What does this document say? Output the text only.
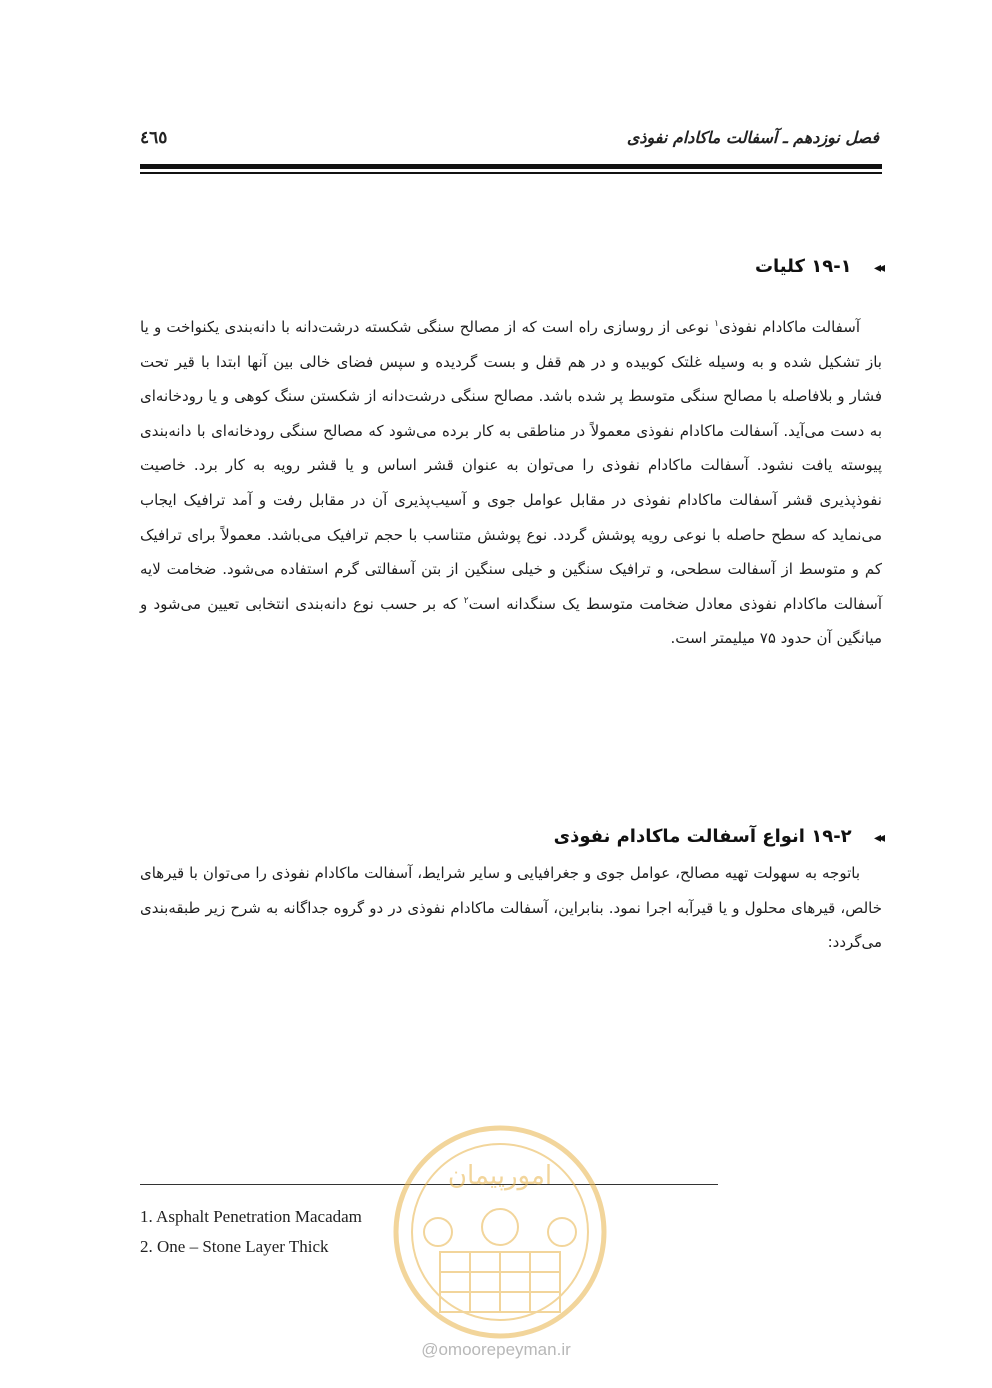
فصل نوزدهم ـ آسفالت ماکادام نفوذی
٤٦٥
◂◂ ۱۹-۱ کلیات

آسفالت ماکادام نفوذی$^۱$ نوعی از روسازی راه است که از مصالح سنگی شکسته درشت‌دانه با دانه‌بندی یکنواخت و یا باز تشکیل شده و به وسیله غلتک کوبیده و در هم قفل و بست گردیده و سپس فضای خالی بین آنها ابتدا با قیر تحت فشار و بلافاصله با مصالح سنگی متوسط پر شده باشد. مصالح سنگی درشت‌دانه از شکستن سنگ کوهی و یا رودخانه‌ای به دست می‌آید. آسفالت ماکادام نفوذی معمولاً در مناطقی به کار برده می‌شود که مصالح سنگی رودخانه‌ای با دانه‌بندی پیوسته یافت نشود. آسفالت ماکادام نفوذی را می‌توان به عنوان قشر اساس و یا قشر رویه به کار برد. خاصیت نفوذپذیری قشر آسفالت ماکادام نفوذی در مقابل عوامل جوی و آسیب‌پذیری آن در مقابل رفت و آمد ترافیک ایجاب می‌نماید که سطح حاصله با نوعی رویه پوشش گردد. نوع پوشش متناسب با حجم ترافیک می‌باشد. معمولاً برای ترافیک کم و متوسط از آسفالت سطحی، و ترافیک سنگین و خیلی سنگین از بتن آسفالتی گرم استفاده می‌شود. ضخامت لایه آسفالت ماکادام نفوذی معادل ضخامت متوسط یک سنگدانه است$^۲$ که بر حسب نوع دانه‌بندی انتخابی تعیین می‌شود و میانگین آن حدود ۷۵ میلیمتر است.

◂◂ ۱۹-۲ انواع آسفالت ماکادام نفوذی

باتوجه به سهولت تهیه مصالح، عوامل جوی و جغرافیایی و سایر شرایط، آسفالت ماکادام نفوذی را می‌توان با قیرهای خالص، قیرهای محلول و یا قیرآبه اجرا نمود. بنابراین، آسفالت ماکادام نفوذی در دو گروه جداگانه به شرح زیر طبقه‌بندی می‌گردد:

1. Asphalt Penetration Macadam
2. One – Stone Layer Thick
امورپیمان
@omoorepeyman.ir
